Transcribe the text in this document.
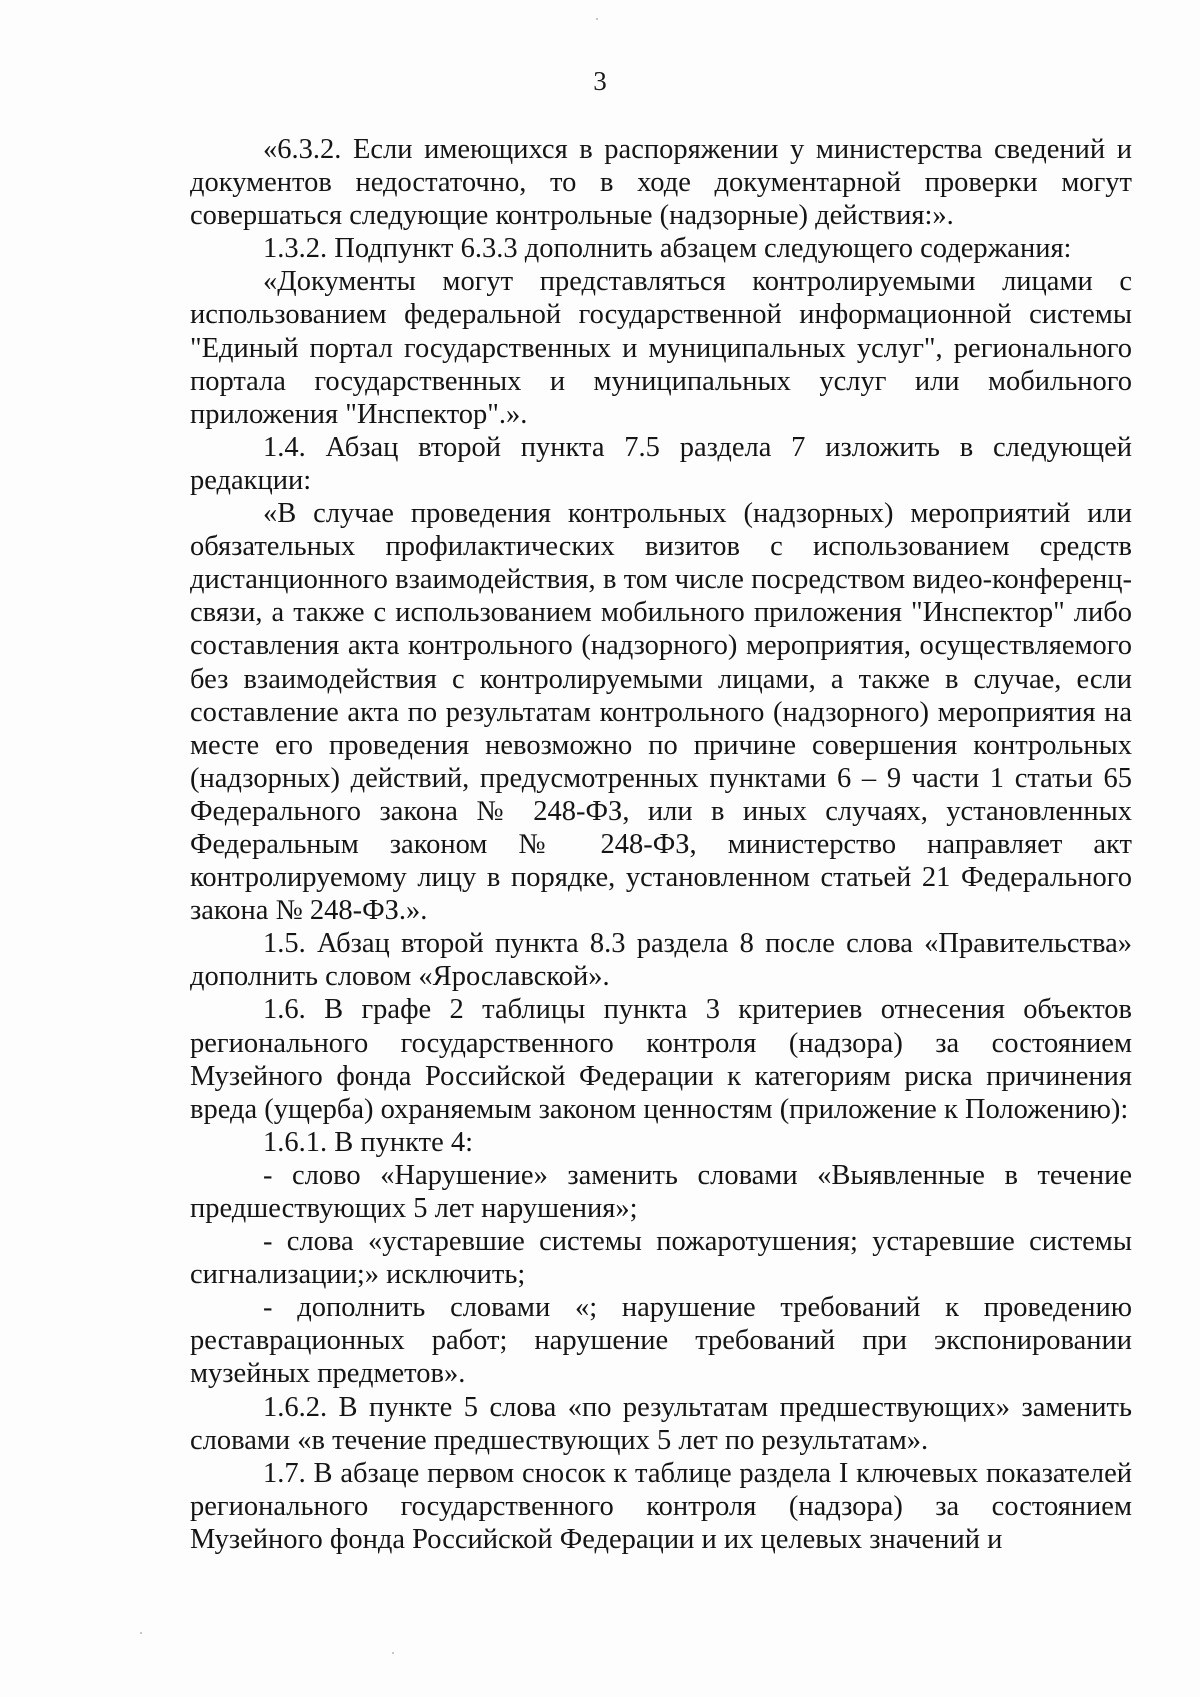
3

«6.3.2. Если имеющихся в распоряжении у министерства сведений и документов недостаточно, то в ходе документарной проверки могут совершаться следующие контрольные (надзорные) действия:».

1.3.2. Подпункт 6.3.3 дополнить абзацем следующего содержания:

«Документы могут представляться контролируемыми лицами с использованием федеральной государственной информационной системы "Единый портал государственных и муниципальных услуг", регионального портала государственных и муниципальных услуг или мобильного приложения "Инспектор".».

1.4. Абзац второй пункта 7.5 раздела 7 изложить в следующей редакции:

«В случае проведения контрольных (надзорных) мероприятий или обязательных профилактических визитов с использованием средств дистанционного взаимодействия, в том числе посредством видео-конференц-связи, а также с использованием мобильного приложения "Инспектор" либо составления акта контрольного (надзорного) мероприятия, осуществляемого без взаимодействия с контролируемыми лицами, а также в случае, если составление акта по результатам контрольного (надзорного) мероприятия на месте его проведения невозможно по причине совершения контрольных (надзорных) действий, предусмотренных пунктами 6 – 9 части 1 статьи 65 Федерального закона № 248-ФЗ, или в иных случаях, установленных Федеральным законом № 248-ФЗ, министерство направляет акт контролируемому лицу в порядке, установленном статьей 21 Федерального закона № 248-ФЗ.».

1.5. Абзац второй пункта 8.3 раздела 8 после слова «Правительства» дополнить словом «Ярославской».

1.6. В графе 2 таблицы пункта 3 критериев отнесения объектов регионального государственного контроля (надзора) за состоянием Музейного фонда Российской Федерации к категориям риска причинения вреда (ущерба) охраняемым законом ценностям (приложение к Положению):

1.6.1. В пункте 4:

- слово «Нарушение» заменить словами «Выявленные в течение предшествующих 5 лет нарушения»;

- слова «устаревшие системы пожаротушения; устаревшие системы сигнализации;» исключить;

- дополнить словами «; нарушение требований к проведению реставрационных работ; нарушение требований при экспонировании музейных предметов».

1.6.2. В пункте 5 слова «по результатам предшествующих» заменить словами «в течение предшествующих 5 лет по результатам».

1.7. В абзаце первом сносок к таблице раздела I ключевых показателей регионального государственного контроля (надзора) за состоянием Музейного фонда Российской Федерации и их целевых значений и
